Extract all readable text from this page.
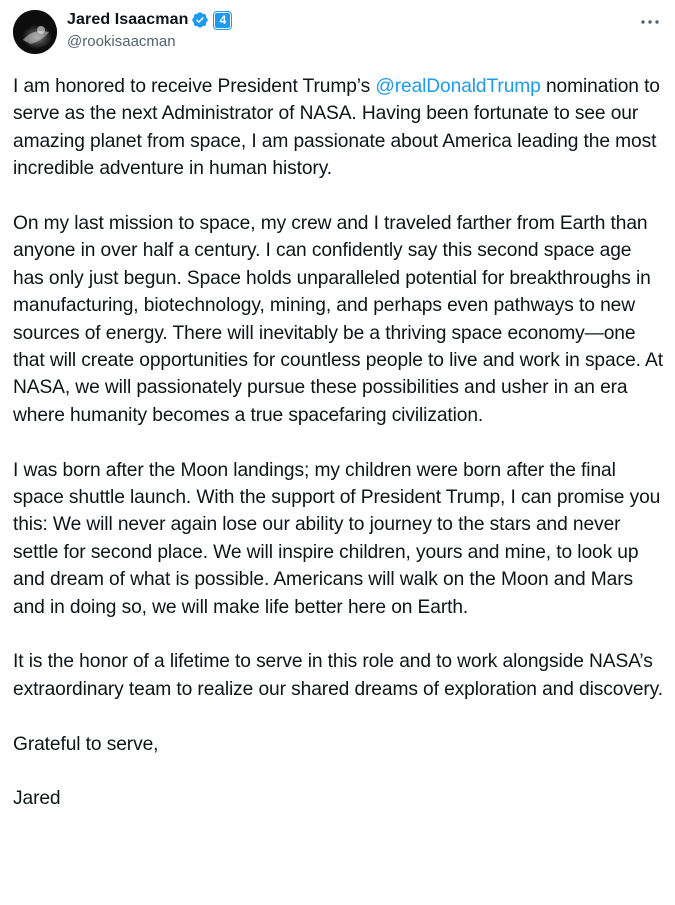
Jared Isaacman	4
@rookisaacman

I am honored to receive President Trump’s @realDonaldTrump nomination to serve as the next Administrator of NASA. Having been fortunate to see our amazing planet from space, I am passionate about America leading the most incredible adventure in human history.

On my last mission to space, my crew and I traveled farther from Earth than anyone in over half a century. I can confidently say this second space age has only just begun. Space holds unparalleled potential for breakthroughs in manufacturing, biotechnology, mining, and perhaps even pathways to new sources of energy. There will inevitably be a thriving space economy—one that will create opportunities for countless people to live and work in space. At NASA, we will passionately pursue these possibilities and usher in an era where humanity becomes a true spacefaring civilization.

I was born after the Moon landings; my children were born after the final space shuttle launch. With the support of President Trump, I can promise you this: We will never again lose our ability to journey to the stars and never settle for second place. We will inspire children, yours and mine, to look up and dream of what is possible. Americans will walk on the Moon and Mars and in doing so, we will make life better here on Earth.

It is the honor of a lifetime to serve in this role and to work alongside NASA’s extraordinary team to realize our shared dreams of exploration and discovery.

Grateful to serve,

Jared
